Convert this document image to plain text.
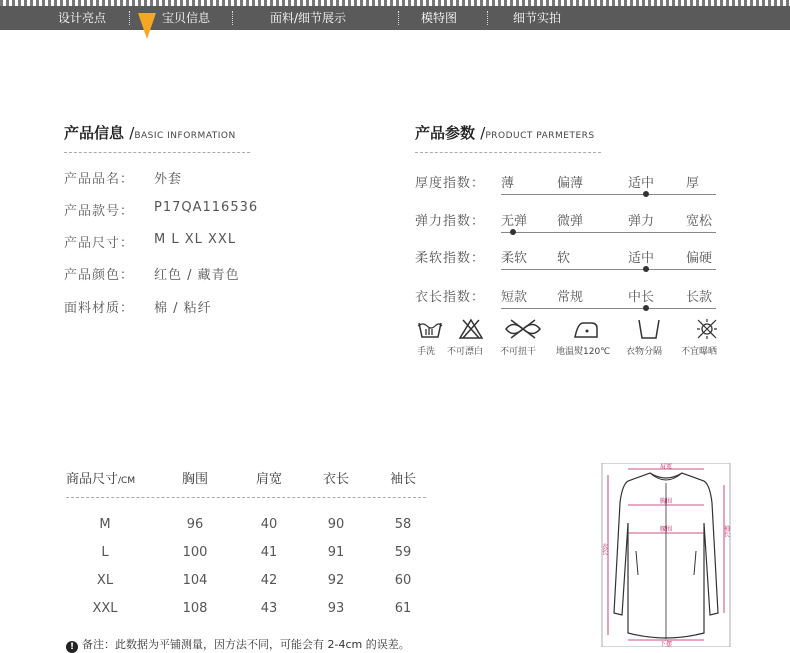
设计亮点	宝贝信息	面料/细节展示	模特图	细节实拍
产品信息 /BASIC INFORMATION
产品品名： 外套
产品款号： P17QA116536
产品尺寸： M L XL XXL
产品颜色： 红色 / 藏青色
面料材质： 棉 / 粘纤
产品参数 /PRODUCT PARMETERS
厚度指数： 薄	偏薄	适中 厚
弹力指数： 无弹 微弹	弹力 宽松
柔软指数： 柔软 软	适中 偏硬
衣长指数： 短款 常规	中长 长款
手洗 不可漂白 不可扭干 地温熨120℃ 衣物分隔 不宜曝晒
商品尺寸/CM	胸围	肩宽	衣长	袖长
M	96	40	90	58
L	100	41	91	59
XL	104	42	92	60
XXL	108	43	93	61
! 备注：此数据为平铺测量，因方法不同，可能会有 2-4cm 的误差。
肩宽
胸围
腰围
下摆
衣长
袖长
